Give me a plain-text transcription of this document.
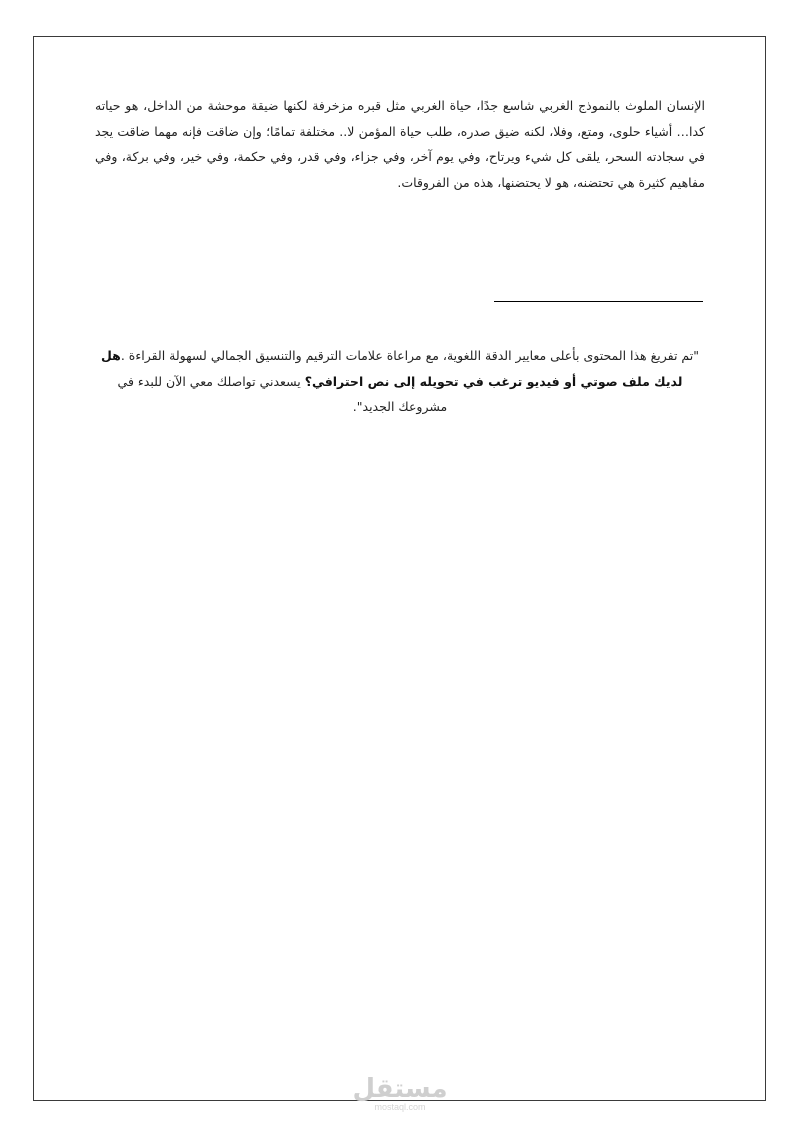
الإنسان الملوث بالنموذج الغربي شاسع جدًا، حياة الغربي مثل قبره مزخرفة لكنها ضيقة موحشة من الداخل، هو حياته كدا… أشياء حلوى، ومتع، وفلا، لكنه ضيق صدره، طلب حياة المؤمن لا.. مختلفة تمامًا؛ وإن ضاقت فإنه مهما ضاقت يجد في سجادته السحر، يلقى كل شيء ويرتاح، وفي يوم آخر، وفي جزاء، وفي قدر، وفي حكمة، وفي خير، وفي بركة، وفي مفاهيم كثيرة هي تحتضنه، هو لا يحتضنها، هذه من الفروقات.

"تم تفريغ هذا المحتوى بأعلى معايير الدقة اللغوية، مع مراعاة علامات الترقيم والتنسيق الجمالي لسهولة القراءة .هل لديك ملف صوتي أو فيديو ترغب في تحويله إلى نص احترافي؟ يسعدني تواصلك معي الآن للبدء في مشروعك الجديد".

مستقل
mostaql.com
